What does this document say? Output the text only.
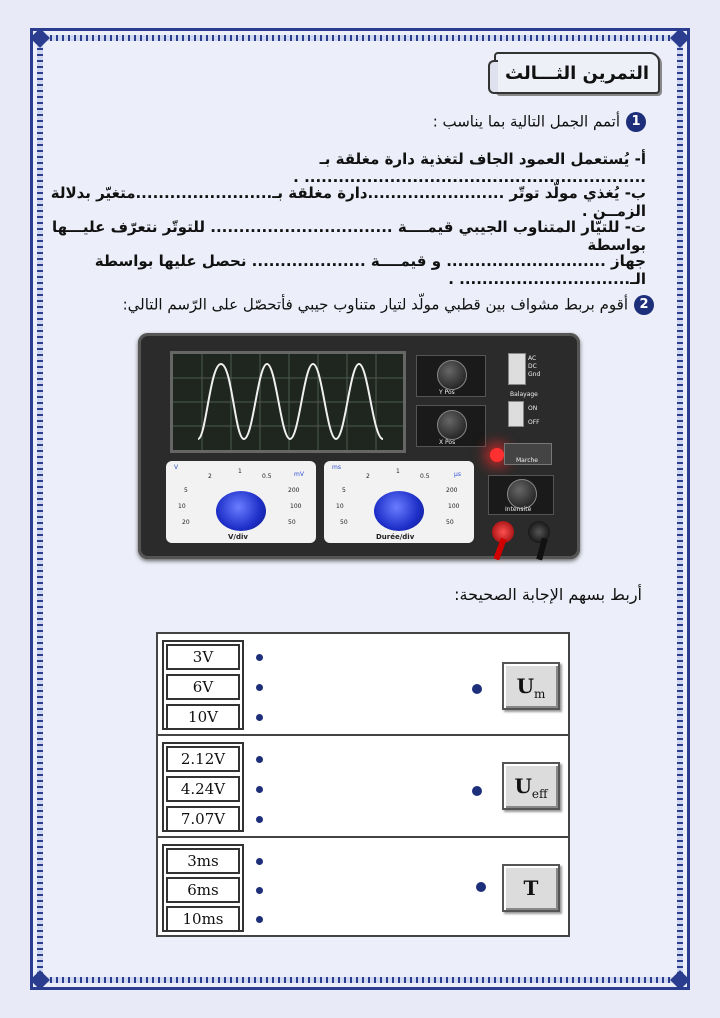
التمرين الثـــالث
1أتمم الجمل التالية بما يناسب :
أ- يُستعمل العمود الجاف لتغذية دارة مغلقة بـ ............................................................ .
ب- يُغذي مولّد توتّر ........................دارة مغلقة بـ........................متغيّر بدلالة الزمــن .
ت- للتيّار المتناوب الجيبي قيمــــة ................................ للتوتّر نتعرّف عليـــها بواسطة
جهاز ............................ و قيمــــة .................... نحصل عليها بواسطة الـ.............................. .
2أقوم بربط مشواف بين قطبي مولّد لتيار متناوب جيبي فأتحصّل على الرّسم التالي:
Y Pos
X Pos
AC
DC
Gnd
Balayage
ON
OFF
Marche
Intensité
V
mV
2
1
0.5
5	200
10	100
20	50
V/div
ms
µs
2
1
0.5
5	200
10	100
50	50
Durée/div
أربط بسهم الإجابة الصحيحة:
3V
6V
10V
$U_m$
2.12V
4.24V
7.07V
$U_{eff}$
3ms
6ms
10ms
T
